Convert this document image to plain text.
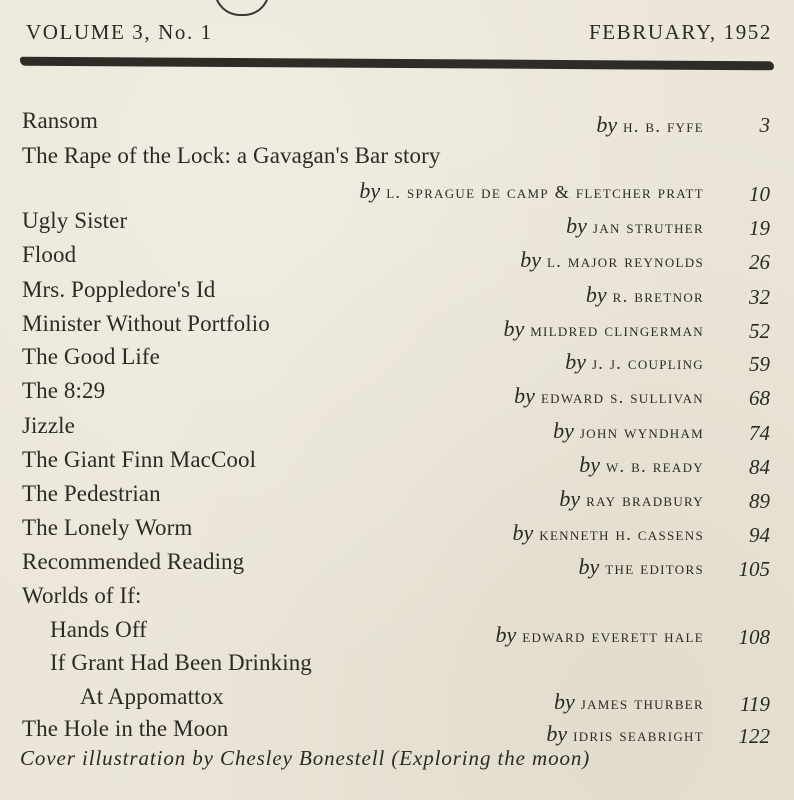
VOLUME 3, No. 1	FEBRUARY, 1952
Ransom	by h. b. fyfe	3
The Rape of the Lock: a Gavagan's Bar story
by l. sprague de camp & fletcher pratt	10
Ugly Sister	by jan struther	19
Flood	by l. major reynolds	26
Mrs. Poppledore's Id	by r. bretnor	32
Minister Without Portfolio	by mildred clingerman	52
The Good Life	by j. j. coupling	59
The 8:29	by edward s. sullivan	68
Jizzle	by john wyndham	74
The Giant Finn MacCool	by w. b. ready	84
The Pedestrian	by ray bradbury	89
The Lonely Worm	by kenneth h. cassens	94
Recommended Reading	by the editors	105
Worlds of If:
Hands Off	by edward everett hale	108
If Grant Had Been Drinking
At Appomattox	by james thurber	119
The Hole in the Moon	by idris seabright	122
Cover illustration by Chesley Bonestell (Exploring the moon)
